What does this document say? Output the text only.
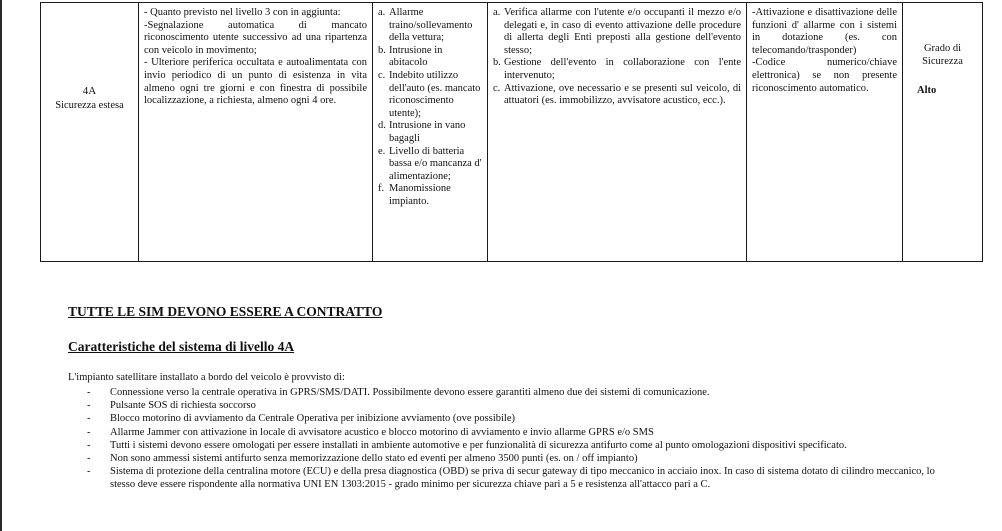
4A
Sicurezza estesa

- Quanto previsto nel livello 3 con in aggiunta:
-Segnalazione automatica di mancato riconoscimento utente successivo ad una ripartenza con veicolo in movimento;
- Ulteriore periferica occultata e autoalimentata con invio periodico di un punto di esistenza in vita almeno ogni tre giorni e con finestra di possibile localizzazione, a richiesta, almeno ogni 4 ore.

a. Allarme traino/sollevamento della vettura;
b. Intrusione in abitacolo
c. Indebito utilizzo dell'auto (es. mancato riconoscimento utente);
d. Intrusione in vano bagagli
e. Livello di batteria bassa e/o mancanza d' alimentazione;
f. Manomissione impianto.

a. Verifica allarme con l'utente e/o occupanti il mezzo e/o delegati e, in caso di evento attivazione delle procedure di allerta degli Enti preposti alla gestione dell'evento stesso;
b. Gestione dell'evento in collaborazione con l'ente intervenuto;
c. Attivazione, ove necessario e se presenti sul veicolo, di attuatori (es. immobilizzo, avvisatore acustico, ecc.).

-Attivazione e disattivazione delle funzioni d' allarme con i sistemi in dotazione (es. con telecomando/trasponder)
-Codice numerico/chiave elettronica) se non presente riconoscimento automatico.

Grado di Sicurezza
Alto
TUTTE LE SIM DEVONO ESSERE A CONTRATTO
Caratteristiche del sistema di livello 4A

L'impianto satellitare installato a bordo del veicolo è provvisto di:

- Connessione verso la centrale operativa in GPRS/SMS/DATI. Possibilmente devono essere garantiti almeno due dei sistemi di comunicazione.
- Pulsante SOS di richiesta soccorso
- Blocco motorino di avviamento da Centrale Operativa per inibizione avviamento (ove possibile)
- Allarme Jammer con attivazione in locale di avvisatore acustico e blocco motorino di avviamento e invio allarme GPRS e/o SMS
- Tutti i sistemi devono essere omologati per essere installati in ambiente automotive e per funzionalità di sicurezza antifurto come al punto omologazioni dispositivi specificato.
- Non sono ammessi sistemi antifurto senza memorizzazione dello stato ed eventi per almeno 3500 punti (es. on / off impianto)
- Sistema di protezione della centralina motore (ECU) e della presa diagnostica (OBD) se priva di secur gateway di tipo meccanico in acciaio inox. In caso di sistema dotato di cilindro meccanico, lo stesso deve essere rispondente alla normativa UNI EN 1303:2015 - grado minimo per sicurezza chiave pari a 5 e resistenza all'attacco pari a C.
